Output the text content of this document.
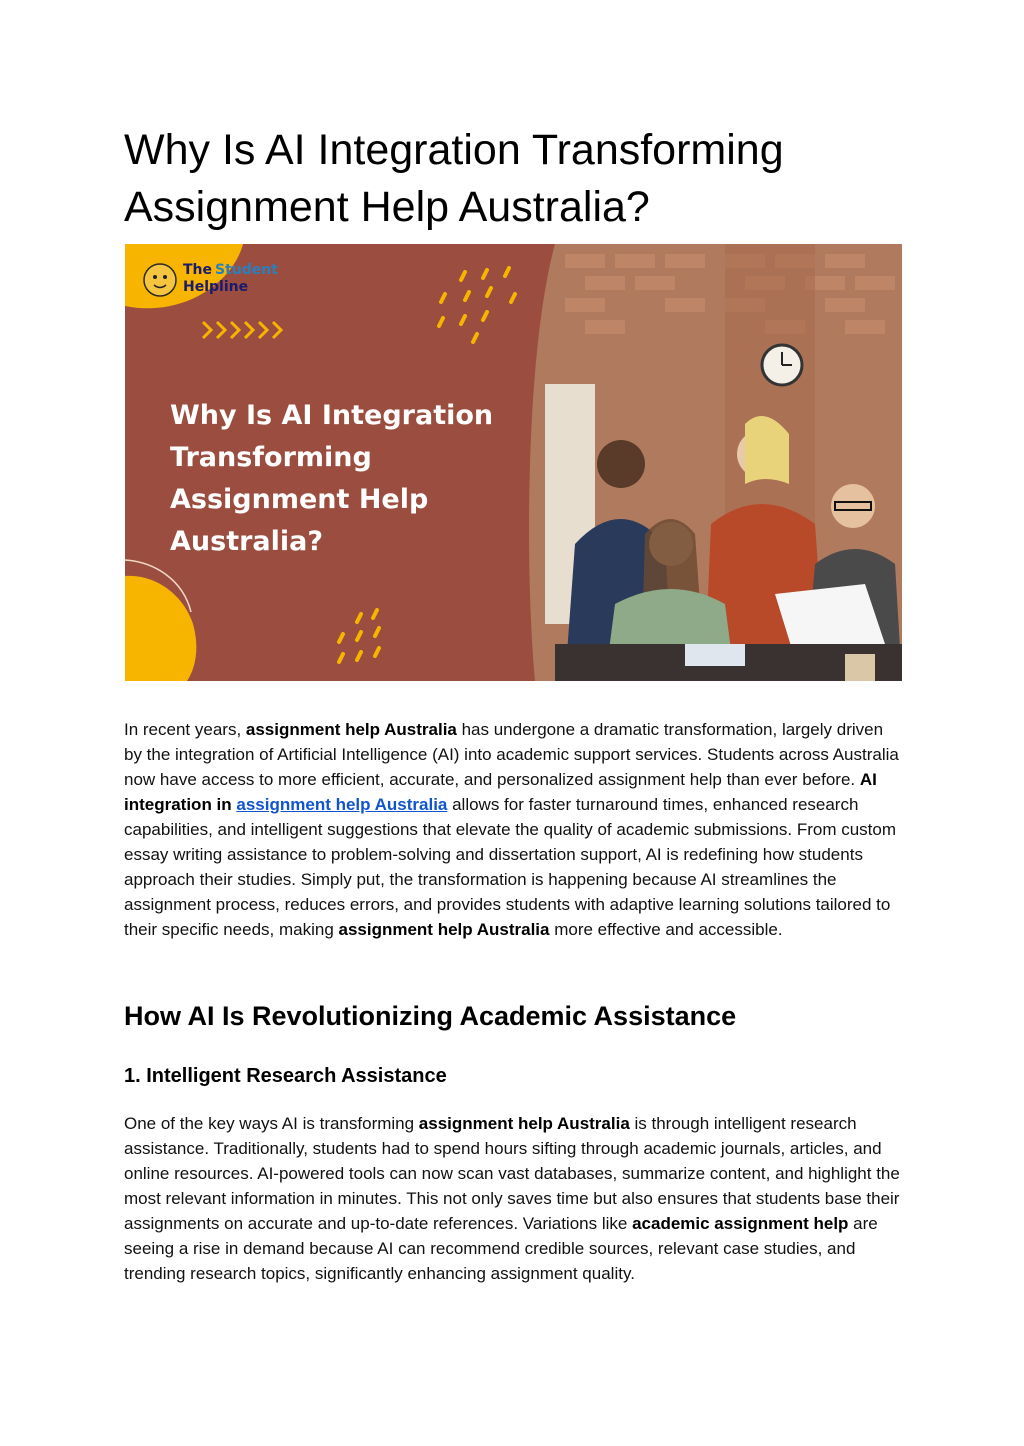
Why Is AI Integration Transforming Assignment Help Australia?
The Student
Helpline
Why Is AI Integration
Transforming
Assignment Help
Australia?

In recent years, assignment help Australia has undergone a dramatic transformation, largely driven by the integration of Artificial Intelligence (AI) into academic support services. Students across Australia now have access to more efficient, accurate, and personalized assignment help than ever before. AI integration in assignment help Australia allows for faster turnaround times, enhanced research capabilities, and intelligent suggestions that elevate the quality of academic submissions. From custom essay writing assistance to problem-solving and dissertation support, AI is redefining how students approach their studies. Simply put, the transformation is happening because AI streamlines the assignment process, reduces errors, and provides students with adaptive learning solutions tailored to their specific needs, making assignment help Australia more effective and accessible.

How AI Is Revolutionizing Academic Assistance
1. Intelligent Research Assistance

One of the key ways AI is transforming assignment help Australia is through intelligent research assistance. Traditionally, students had to spend hours sifting through academic journals, articles, and online resources. AI-powered tools can now scan vast databases, summarize content, and highlight the most relevant information in minutes. This not only saves time but also ensures that students base their assignments on accurate and up-to-date references. Variations like academic assignment help are seeing a rise in demand because AI can recommend credible sources, relevant case studies, and trending research topics, significantly enhancing assignment quality.
